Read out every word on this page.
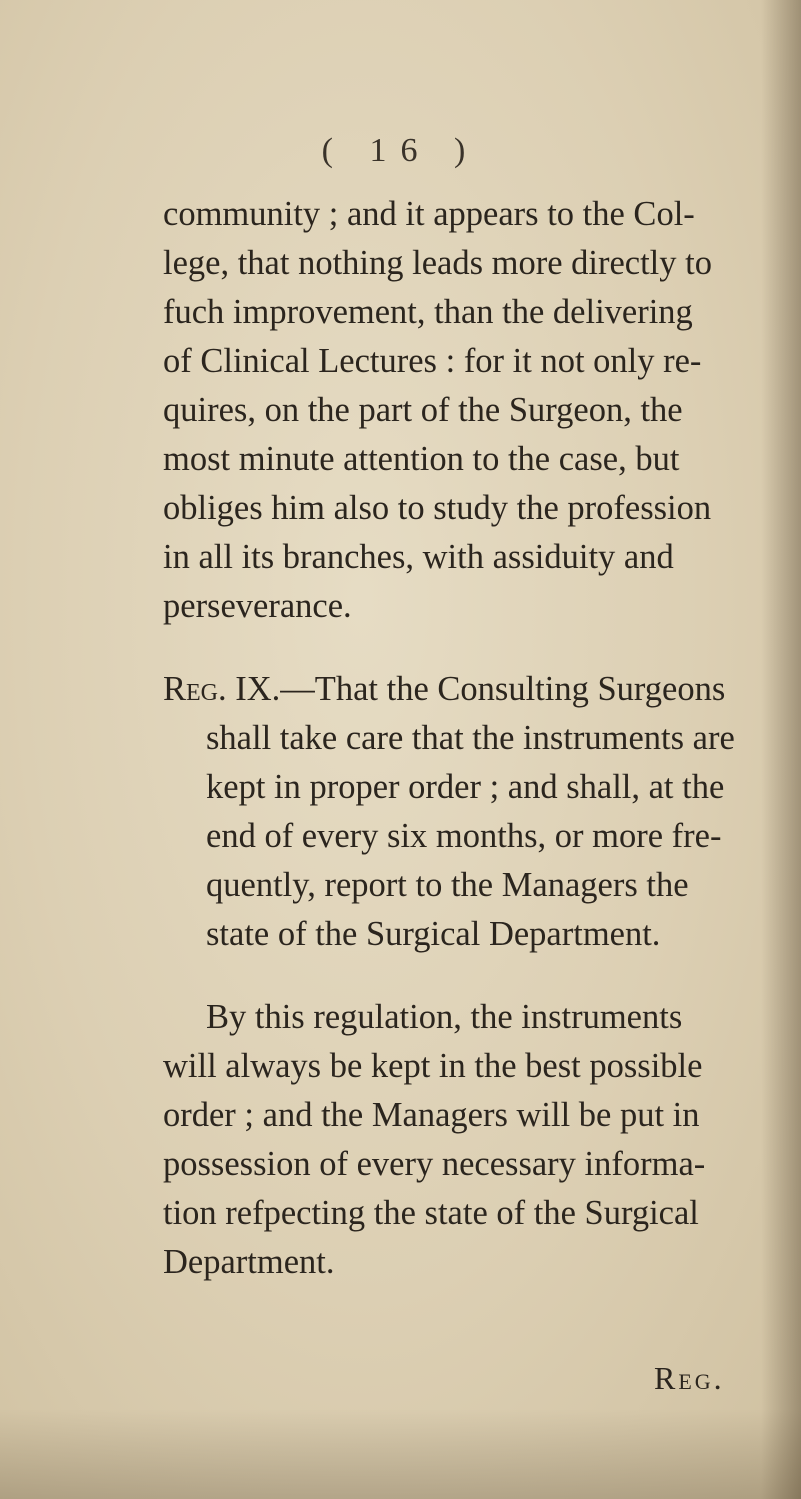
( 16 )
community ; and it appears to the Col-
lege, that nothing leads more directly to
fuch improvement, than the delivering
of Clinical Lectures : for it not only re-
quires, on the part of the Surgeon, the
most minute attention to the case, but
obliges him also to study the profession
in all its branches, with assiduity and
perseverance.
Reg. IX.—That the Consulting Surgeons
shall take care that the instruments are
kept in proper order ; and shall, at the
end of every six months, or more fre-
quently, report to the Managers the
state of the Surgical Department.
By this regulation, the instruments
will always be kept in the best possible
order ; and the Managers will be put in
possession of every necessary informa-
tion refpecting the state of the Surgical
Department.
Reg.
